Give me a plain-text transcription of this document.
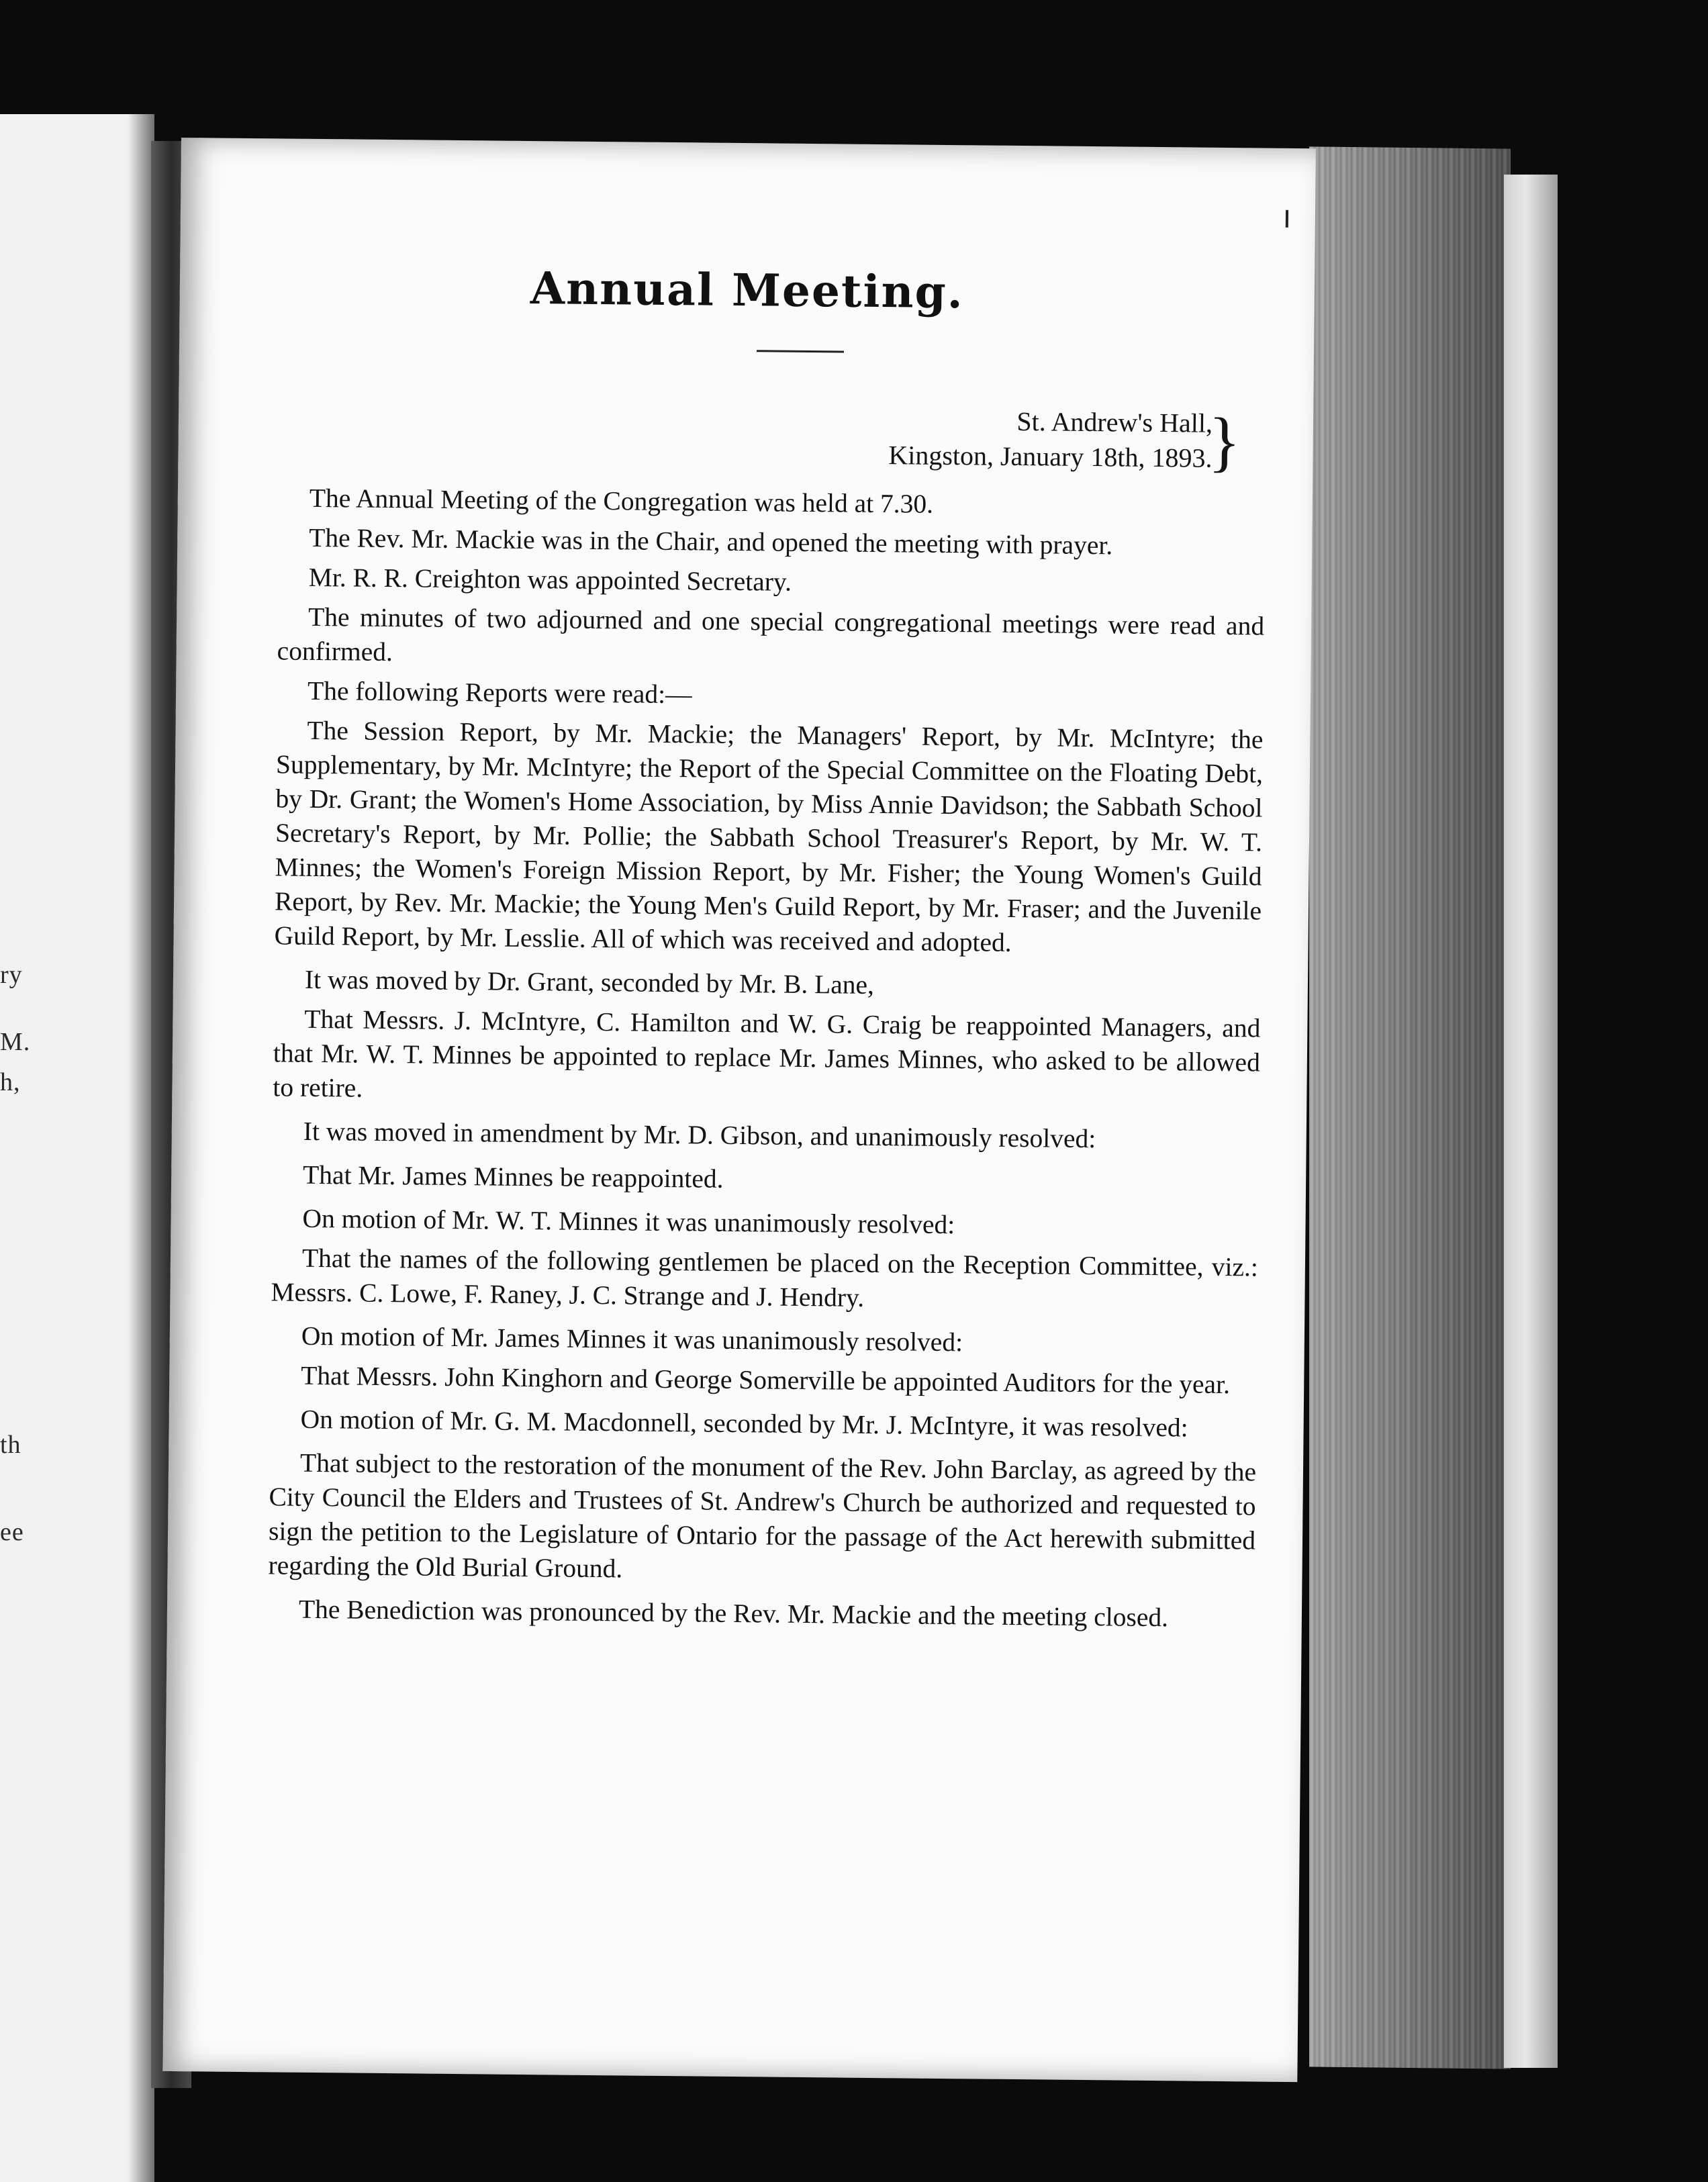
ry
M.
h,
th
ee
Annual Meeting.
St. Andrew's Hall,
Kingston, January 18th, 1893.
}

The Annual Meeting of the Congregation was held at 7.30.

The Rev. Mr. Mackie was in the Chair, and opened the meeting with prayer.

Mr. R. R. Creighton was appointed Secretary.

The minutes of two adjourned and one special congregational meetings were read and confirmed.

The following Reports were read:—

The Session Report, by Mr. Mackie; the Managers' Report, by Mr. McIntyre; the Supplementary, by Mr. McIntyre; the Report of the Special Committee on the Floating Debt, by Dr. Grant; the Women's Home Association, by Miss Annie Davidson; the Sabbath School Secretary's Report, by Mr. Pollie; the Sabbath School Treasurer's Report, by Mr. W. T. Minnes; the Women's Foreign Mission Report, by Mr. Fisher; the Young Women's Guild Report, by Rev. Mr. Mackie; the Young Men's Guild Report, by Mr. Fraser; and the Juvenile Guild Report, by Mr. Lesslie. All of which was received and adopted.

It was moved by Dr. Grant, seconded by Mr. B. Lane,

That Messrs. J. McIntyre, C. Hamilton and W. G. Craig be reappointed Managers, and that Mr. W. T. Minnes be appointed to replace Mr. James Minnes, who asked to be allowed to retire.

It was moved in amendment by Mr. D. Gibson, and unanimously resolved:

That Mr. James Minnes be reappointed.

On motion of Mr. W. T. Minnes it was unanimously resolved:

That the names of the following gentlemen be placed on the Reception Committee, viz.: Messrs. C. Lowe, F. Raney, J. C. Strange and J. Hendry.

On motion of Mr. James Minnes it was unanimously resolved:

That Messrs. John Kinghorn and George Somerville be appointed Auditors for the year.

On motion of Mr. G. M. Macdonnell, seconded by Mr. J. McIntyre, it was resolved:

That subject to the restoration of the monument of the Rev. John Barclay, as agreed by the City Council the Elders and Trustees of St. Andrew's Church be authorized and requested to sign the petition to the Legislature of Ontario for the passage of the Act herewith submitted regarding the Old Burial Ground.

The Benediction was pronounced by the Rev. Mr. Mackie and the meeting closed.
